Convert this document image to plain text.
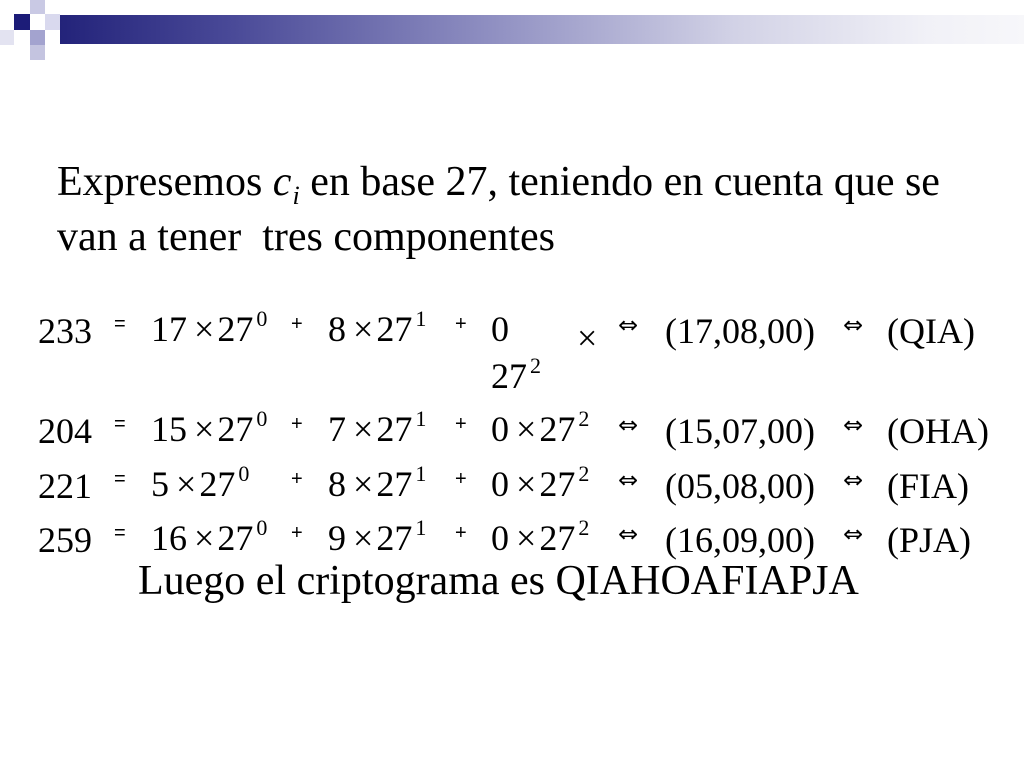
Expresemos $c_i$ en base 27, teniendo en cuenta que se
van a tener  tres componentes
233 = 17 ×27 $^0$ + 8 ×27 $^1$ + 0 ×
27 $^2$
⇔ (17,08,00) ⇔ (QIA)
204 = 15 ×27 $^0$ + 7 ×27 $^1$ + 0 ×27 $^2$ ⇔ (15,07,00) ⇔ (OHA)
221 = 5 ×27 $^0$ + 8 ×27 $^1$ + 0 ×27 $^2$ ⇔ (05,08,00) ⇔ (FIA)
259 = 16 ×27 $^0$ + 9 ×27 $^1$ + 0 ×27 $^2$ ⇔ (16,09,00) ⇔ (PJA)
Luego el criptograma es QIAHOAFIAPJA
